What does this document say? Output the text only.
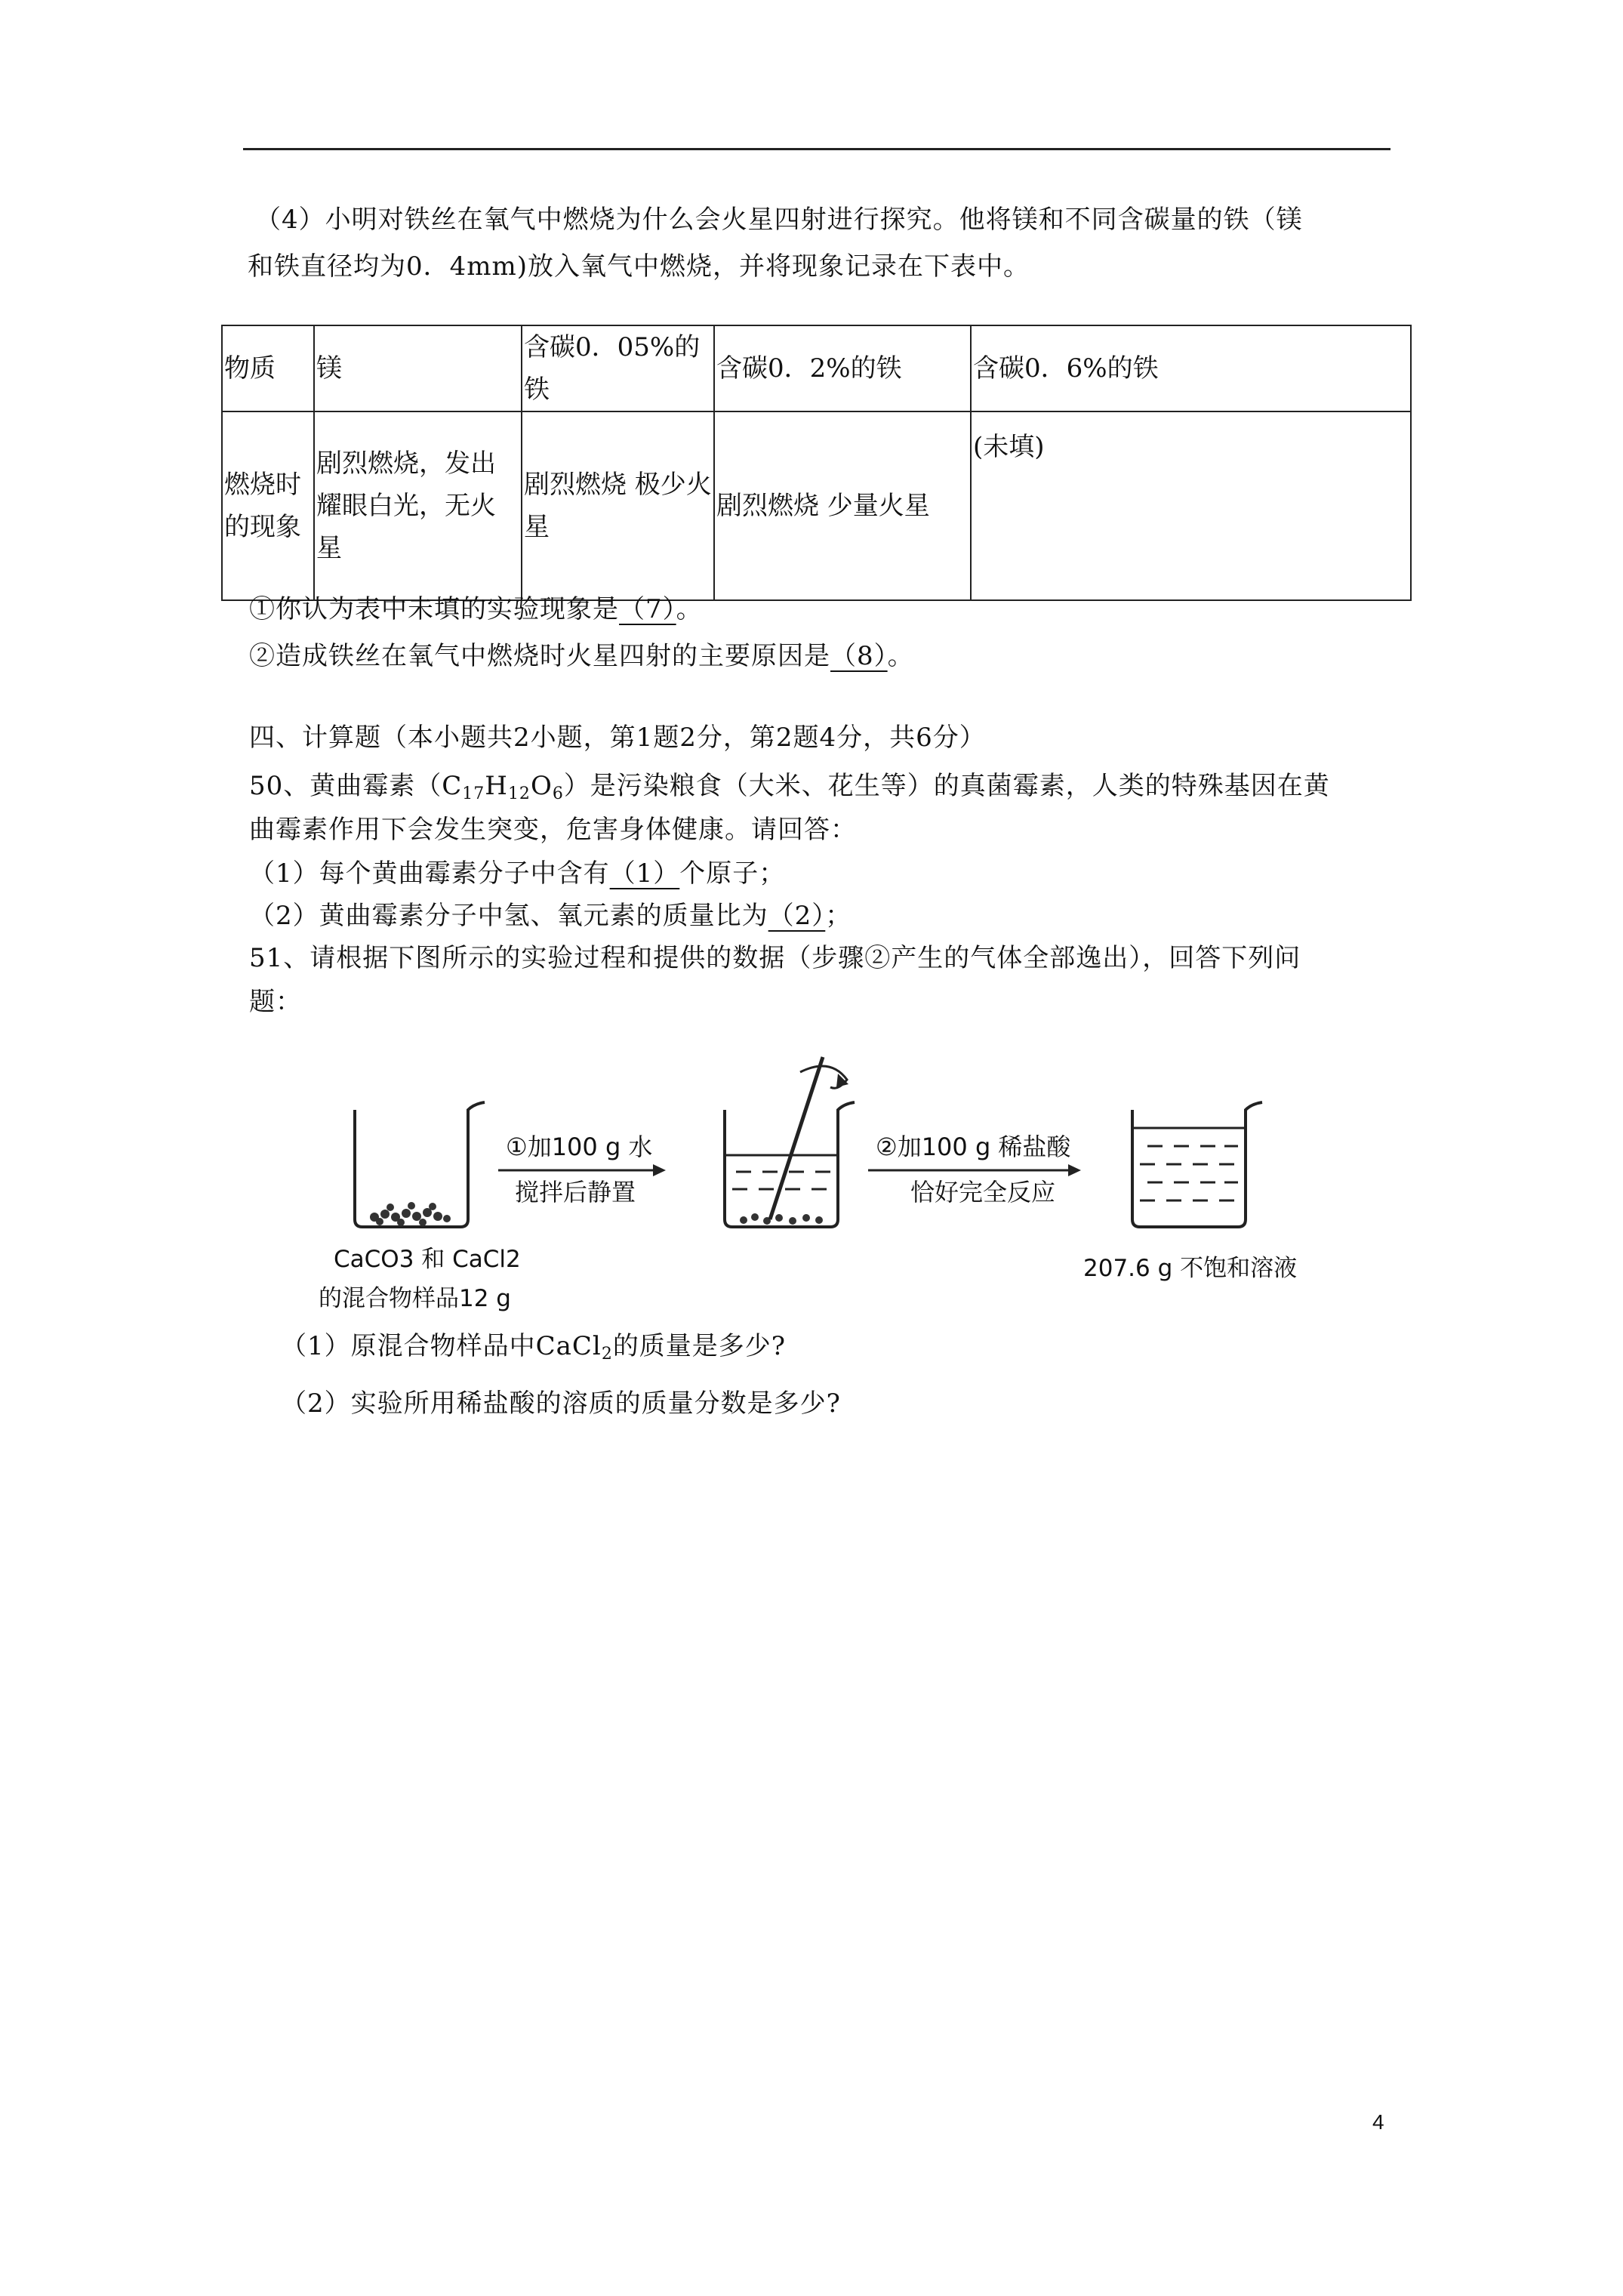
（4）小明对铁丝在氧气中燃烧为什么会火星四射进行探究。他将镁和不同含碳量的铁（镁
和铁直径均为0．4mm)放入氧气中燃烧，并将现象记录在下表中。
物质	镁	含碳0．05%的铁	含碳0．2%的铁	含碳0．6%的铁
燃烧时的现象	剧烈燃烧，发出 耀眼白光，无火星	剧烈燃烧 极少火星	剧烈燃烧 少量火星	(未填)
①你认为表中未填的实验现象是（7）。
②造成铁丝在氧气中燃烧时火星四射的主要原因是（8）。
四、计算题（本小题共2小题，第1题2分，第2题4分，共6分）
50、黄曲霉素$(C_{17}H_{12}O_6)$是污染粮食（大米、花生等）的真菌霉素，人类的特殊基因在黄
曲霉素作用下会发生突变，危害身体健康。请回答：
（1）每个黄曲霉素分子中含有（1）个原子；
（2）黄曲霉素分子中氢、氧元素的质量比为（2）；
51、请根据下图所示的实验过程和提供的数据（步骤②产生的气体全部逸出），回答下列问
题：
①加100 g 水
搅拌后静置
②加100 g 稀盐酸
恰好完全反应
CaCO3 和 CaCl2
的混合物样品12 g
207.6 g 不饱和溶液
（1）原混合物样品中CaCl$_2$的质量是多少?
（2）实验所用稀盐酸的溶质的质量分数是多少?
4
